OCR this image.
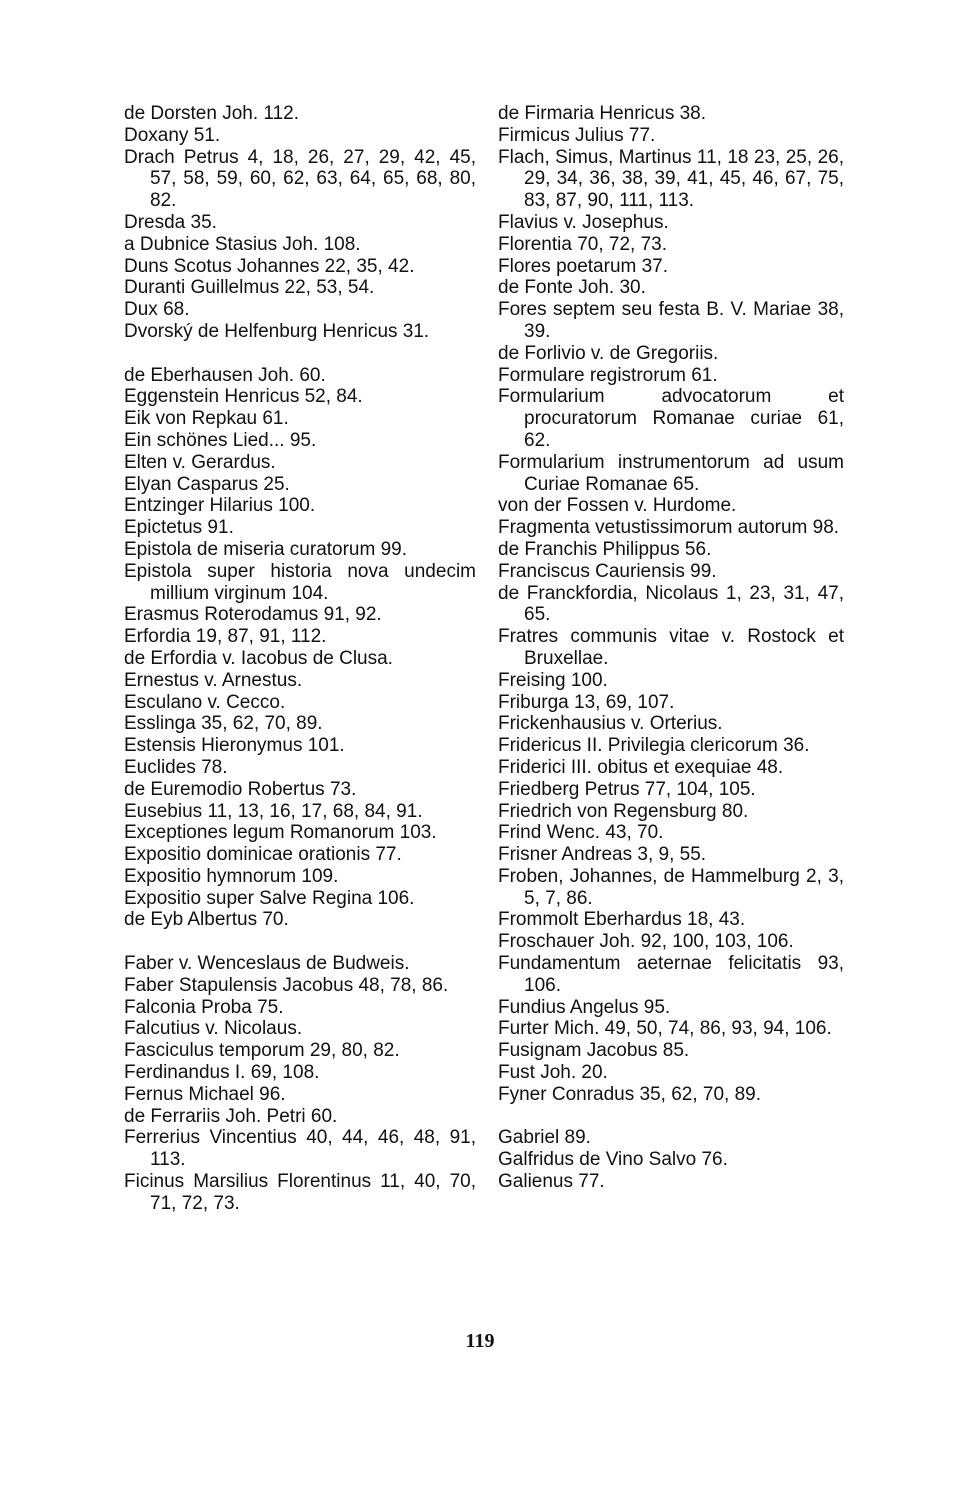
de Dorsten Joh. 112.
Doxany 51.
Drach Petrus 4, 18, 26, 27, 29, 42, 45, 57, 58, 59, 60, 62, 63, 64, 65, 68, 80, 82.
Dresda 35.
a Dubnice Stasius Joh. 108.
Duns Scotus Johannes 22, 35, 42.
Duranti Guillelmus 22, 53, 54.
Dux 68.
Dvorský de Helfenburg Henricus 31.
de Eberhausen Joh. 60.
Eggenstein Henricus 52, 84.
Eik von Repkau 61.
Ein schönes Lied... 95.
Elten v. Gerardus.
Elyan Casparus 25.
Entzinger Hilarius 100.
Epictetus 91.
Epistola de miseria curatorum 99.
Epistola super historia nova undecim millium virginum 104.
Erasmus Roterodamus 91, 92.
Erfordia 19, 87, 91, 112.
de Erfordia v. Iacobus de Clusa.
Ernestus v. Arnestus.
Esculano v. Cecco.
Esslinga 35, 62, 70, 89.
Estensis Hieronymus 101.
Euclides 78.
de Euremodio Robertus 73.
Eusebius 11, 13, 16, 17, 68, 84, 91.
Exceptiones legum Romanorum 103.
Expositio dominicae orationis 77.
Expositio hymnorum 109.
Expositio super Salve Regina 106.
de Eyb Albertus 70.
Faber v. Wenceslaus de Budweis.
Faber Stapulensis Jacobus 48, 78, 86.
Falconia Proba 75.
Falcutius v. Nicolaus.
Fasciculus temporum 29, 80, 82.
Ferdinandus I. 69, 108.
Fernus Michael 96.
de Ferrariis Joh. Petri 60.
Ferrerius Vincentius 40, 44, 46, 48, 91, 113.
Ficinus Marsilius Florentinus 11, 40, 70, 71, 72, 73.
de Firmaria Henricus 38.
Firmicus Julius 77.
Flach, Simus, Martinus 11, 18 23, 25, 26, 29, 34, 36, 38, 39, 41, 45, 46, 67, 75, 83, 87, 90, 111, 113.
Flavius v. Josephus.
Florentia 70, 72, 73.
Flores poetarum 37.
de Fonte Joh. 30.
Fores septem seu festa B. V. Mariae 38, 39.
de Forlivio v. de Gregoriis.
Formulare registrorum 61.
Formularium advocatorum et procuratorum Romanae curiae 61, 62.
Formularium instrumentorum ad usum Curiae Romanae 65.
von der Fossen v. Hurdome.
Fragmenta vetustissimorum autorum 98.
de Franchis Philippus 56.
Franciscus Cauriensis 99.
de Franckfordia, Nicolaus 1, 23, 31, 47, 65.
Fratres communis vitae v. Rostock et Bruxellae.
Freising 100.
Friburga 13, 69, 107.
Frickenhausius v. Orterius.
Fridericus II. Privilegia clericorum 36.
Friderici III. obitus et exequiae 48.
Friedberg Petrus 77, 104, 105.
Friedrich von Regensburg 80.
Frind Wenc. 43, 70.
Frisner Andreas 3, 9, 55.
Froben, Johannes, de Hammelburg 2, 3, 5, 7, 86.
Frommolt Eberhardus 18, 43.
Froschauer Joh. 92, 100, 103, 106.
Fundamentum aeternae felicitatis 93, 106.
Fundius Angelus 95.
Furter Mich. 49, 50, 74, 86, 93, 94, 106.
Fusignam Jacobus 85.
Fust Joh. 20.
Fyner Conradus 35, 62, 70, 89.
Gabriel 89.
Galfridus de Vino Salvo 76.
Galienus 77.
119
